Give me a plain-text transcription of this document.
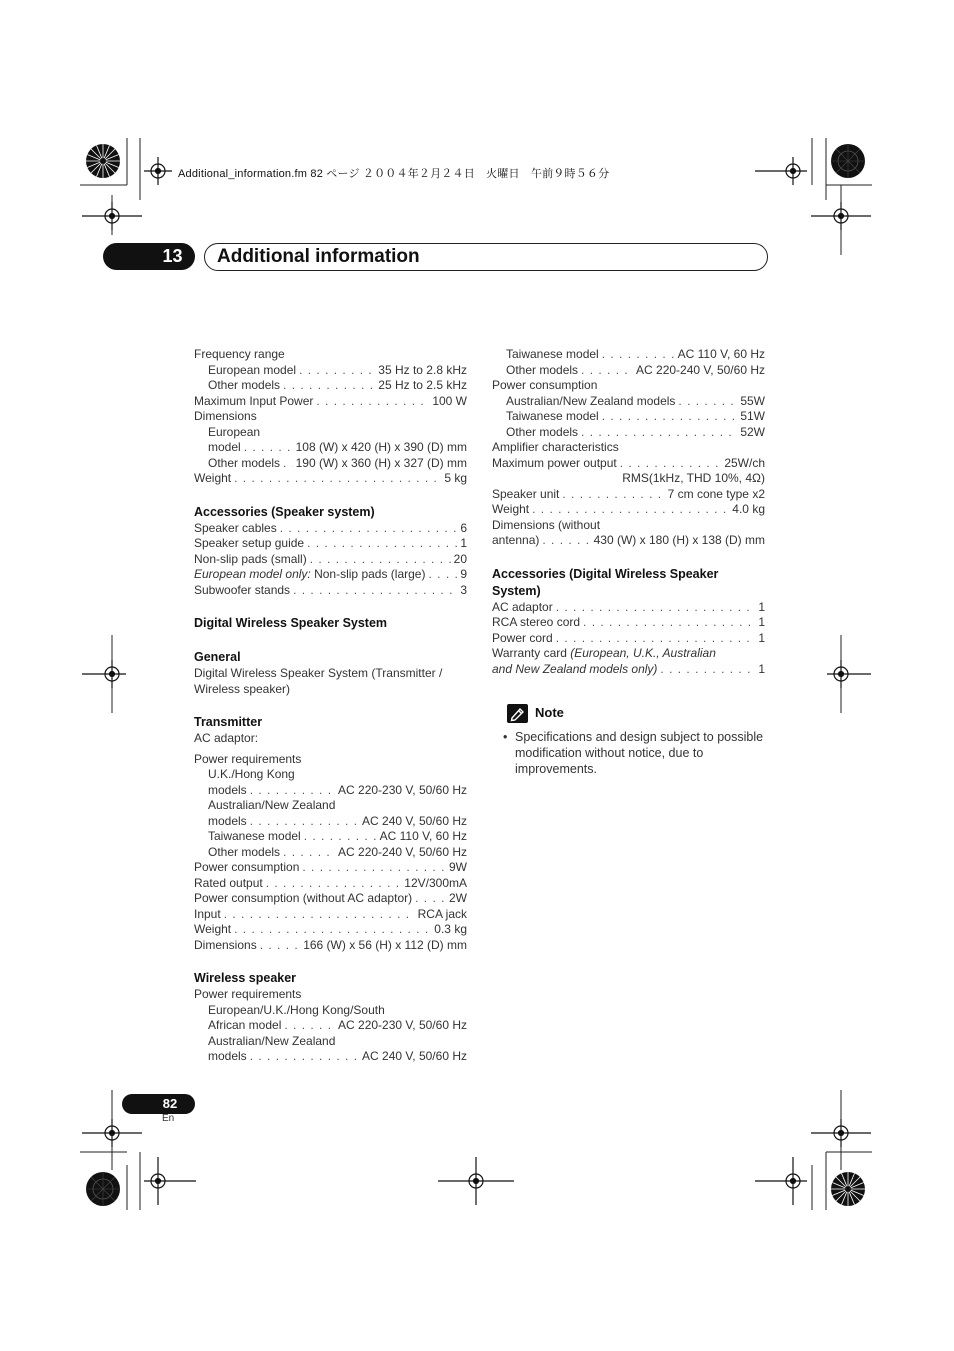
Additional_information.fm 82 ページ ２００４年２月２４日　火曜日　午前９時５６分
13	Additional information
Frequency range
European model . . .	35 Hz to 2.8 kHz
Other models . . .	25 Hz to 2.5 kHz
Maximum Input Power . . .	100 W
Dimensions
European
model . . .	108 (W) x 420 (H) x 390 (D) mm
Other models . . . 190 (W) x 360 (H) x 327 (D) mm
Weight . . .	5 kg
Accessories (Speaker system)
Speaker cables . . .	6
Speaker setup guide . . .	1
Non-slip pads (small) . . .	20
European model only: Non-slip pads (large) . . .	9
Subwoofer stands . . .	3
Digital Wireless Speaker System
General
Digital Wireless Speaker System (Transmitter / Wireless speaker)
Transmitter
AC adaptor:
Power requirements
U.K./Hong Kong
models . . .	AC 220-230 V, 50/60 Hz
Australian/New Zealand
models . . .	AC 240 V, 50/60 Hz
Taiwanese model . . .	AC 110 V, 60 Hz
Other models . . .	AC 220-240 V, 50/60 Hz
Power consumption . . .	9W
Rated output . . .	12V/300mA
Power consumption (without AC adaptor) . . .	2W
Input . . .	RCA jack
Weight . . .	0.3 kg
Dimensions . . .	166 (W) x 56 (H) x 112 (D) mm
Wireless speaker
Power requirements
European/U.K./Hong Kong/South
African model . . .	AC 220-230 V, 50/60 Hz
Australian/New Zealand
models . . .	AC 240 V, 50/60 Hz
Taiwanese model . . .	AC 110 V, 60 Hz
Other models . . .	AC 220-240 V, 50/60 Hz
Power consumption
Australian/New Zealand models . . .	55W
Taiwanese model . . .	51W
Other models . . .	52W
Amplifier characteristics
Maximum power output . . .	25W/ch
RMS(1kHz, THD 10%, 4Ω)
Speaker unit . . .	7 cm cone type x2
Weight . . .	4.0 kg
Dimensions (without
antenna) . . .	430 (W) x 180 (H) x 138 (D) mm
Accessories (Digital Wireless Speaker System)
AC adaptor . . .	1
RCA stereo cord . . .	1
Power cord . . .	1
Warranty card (European, U.K., Australian
and New Zealand models only) . . .	1
Note
• Specifications and design subject to possible modification without notice, due to improvements.
82
En
